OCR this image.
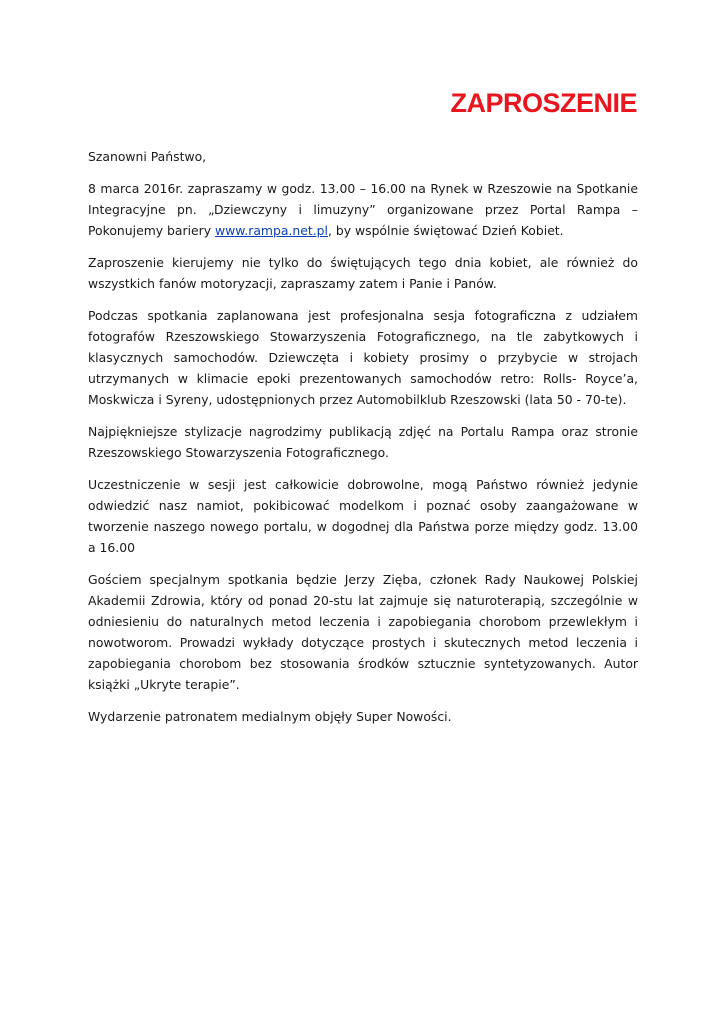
ZAPROSZENIE

Szanowni Państwo,

8 marca 2016r. zapraszamy w godz. 13.00 – 16.00 na Rynek w Rzeszowie na Spotkanie Integracyjne pn. „Dziewczyny i limuzyny” organizowane przez Portal Rampa – Pokonujemy bariery www.rampa.net.pl, by wspólnie świętować Dzień Kobiet.

Zaproszenie kierujemy nie tylko do świętujących tego dnia kobiet, ale również do wszystkich fanów motoryzacji, zapraszamy zatem i Panie i Panów.

Podczas spotkania zaplanowana jest profesjonalna sesja fotograficzna z udziałem fotografów Rzeszowskiego Stowarzyszenia Fotograficznego, na tle zabytkowych i klasycznych samochodów. Dziewczęta i kobiety prosimy o przybycie w strojach utrzymanych w klimacie epoki prezentowanych samochodów retro: Rolls- Royce’a, Moskwicza i Syreny, udostępnionych przez Automobilklub Rzeszowski (lata 50 - 70-te).

Najpiękniejsze stylizacje nagrodzimy publikacją zdjęć na Portalu Rampa oraz stronie Rzeszowskiego Stowarzyszenia Fotograficznego.

Uczestniczenie w sesji jest całkowicie dobrowolne, mogą Państwo również jedynie odwiedzić nasz namiot, pokibicować modelkom i poznać osoby zaangażowane w tworzenie naszego nowego portalu, w dogodnej dla Państwa porze między godz. 13.00 a 16.00

Gościem specjalnym spotkania będzie Jerzy Zięba, członek Rady Naukowej Polskiej Akademii Zdrowia, który od ponad 20-stu lat zajmuje się naturoterapią, szczególnie w odniesieniu do naturalnych metod leczenia i zapobiegania chorobom przewlekłym i nowotworom. Prowadzi wykłady dotyczące prostych i skutecznych metod leczenia i zapobiegania chorobom bez stosowania środków sztucznie syntetyzowanych. Autor książki „Ukryte terapie”.

Wydarzenie patronatem medialnym objęły Super Nowości.
